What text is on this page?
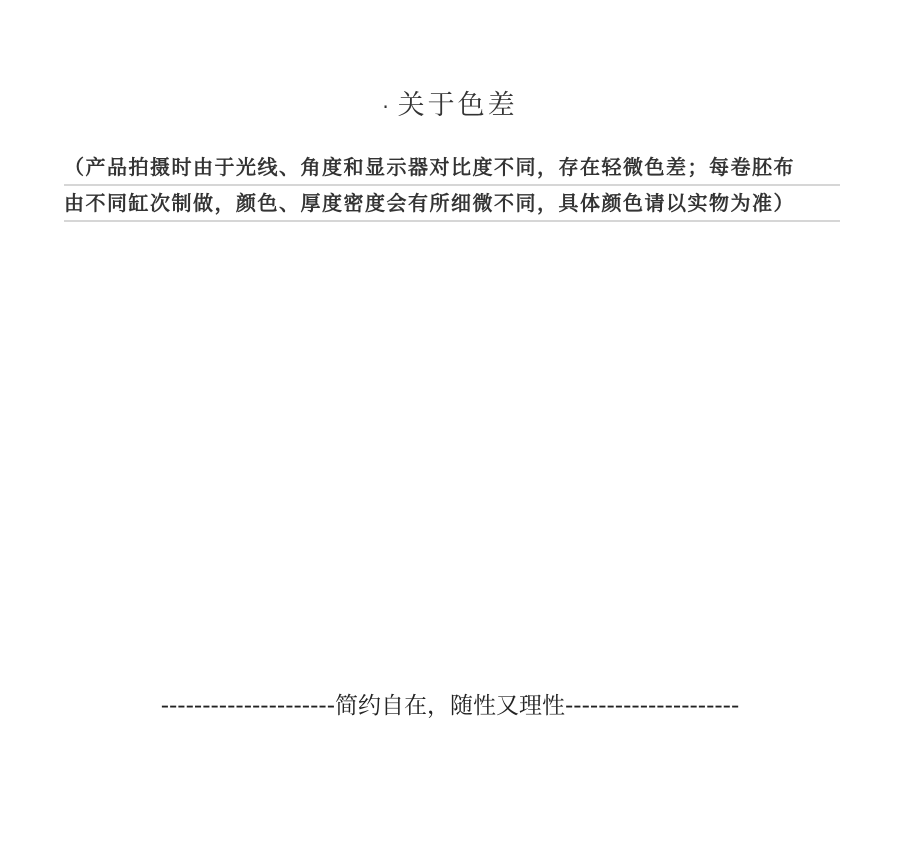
· 关于色差
（产品拍摄时由于光线、角度和显示器对比度不同，存在轻微色差；每卷胚布
由不同缸次制做，颜色、厚度密度会有所细微不同，具体颜色请以实物为准）
---------------------简约自在，随性又理性---------------------
